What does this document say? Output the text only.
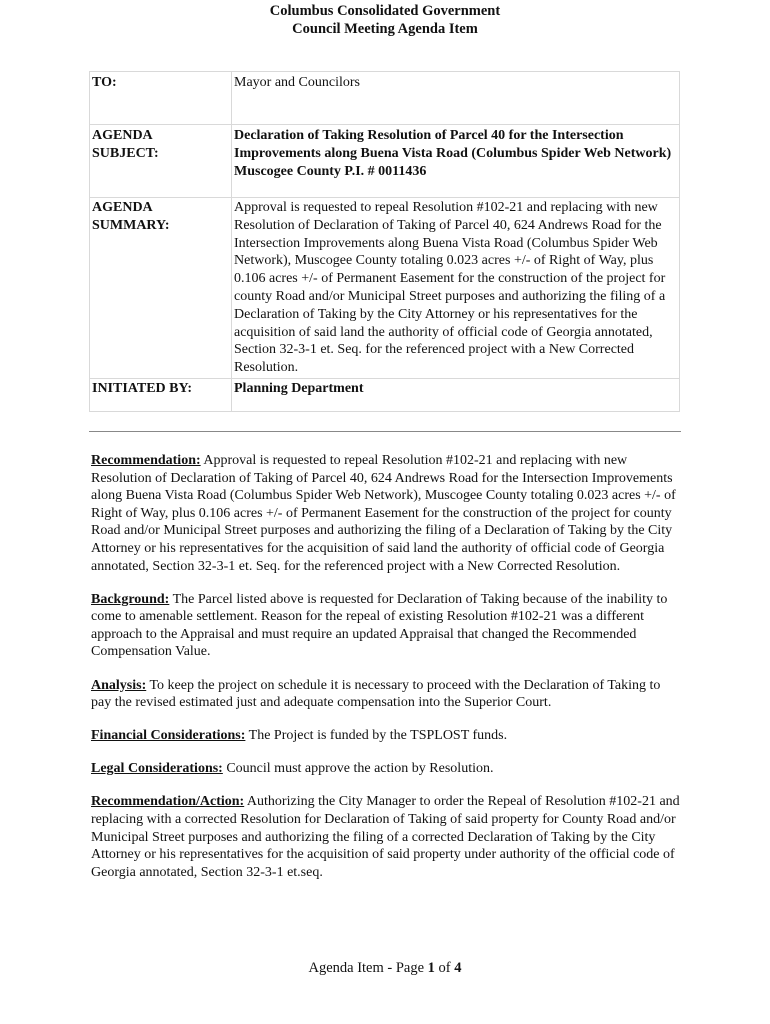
Columbus Consolidated Government
Council Meeting Agenda Item
TO:	Mayor and Councilors

AGENDA
SUBJECT:	Declaration of Taking Resolution of Parcel 40 for the Intersection Improvements along Buena Vista Road (Columbus Spider Web Network) Muscogee County P.I. # 0011436

AGENDA
SUMMARY:	Approval is requested to repeal Resolution #102-21 and replacing with new Resolution of Declaration of Taking of Parcel 40, 624 Andrews Road for the Intersection Improvements along Buena Vista Road (Columbus Spider Web Network), Muscogee County totaling 0.023 acres +/- of Right of Way, plus 0.106 acres +/- of Permanent Easement for the construction of the project for county Road and/or Municipal Street purposes and authorizing the filing of a Declaration of Taking by the City Attorney or his representatives for the acquisition of said land the authority of official code of Georgia annotated, Section 32-3-1 et. Seq. for the referenced project with a New Corrected Resolution.
INITIATED BY:	Planning Department

Recommendation: Approval is requested to repeal Resolution #102-21 and replacing with new Resolution of Declaration of Taking of Parcel 40, 624 Andrews Road for the Intersection Improvements along Buena Vista Road (Columbus Spider Web Network), Muscogee County totaling 0.023 acres +/- of Right of Way, plus 0.106 acres +/- of Permanent Easement for the construction of the project for county Road and/or Municipal Street purposes and authorizing the filing of a Declaration of Taking by the City Attorney or his representatives for the acquisition of said land the authority of official code of Georgia annotated, Section 32-3-1 et. Seq. for the referenced project with a New Corrected Resolution.

Background: The Parcel listed above is requested for Declaration of Taking because of the inability to come to amenable settlement. Reason for the repeal of existing Resolution #102-21 was a different approach to the Appraisal and must require an updated Appraisal that changed the Recommended Compensation Value.

Analysis: To keep the project on schedule it is necessary to proceed with the Declaration of Taking to pay the revised estimated just and adequate compensation into the Superior Court.

Financial Considerations: The Project is funded by the TSPLOST funds.

Legal Considerations: Council must approve the action by Resolution.

Recommendation/Action: Authorizing the City Manager to order the Repeal of Resolution #102-21 and replacing with a corrected Resolution for Declaration of Taking of said property for County Road and/or Municipal Street purposes and authorizing the filing of a corrected Declaration of Taking by the City Attorney or his representatives for the acquisition of said property under authority of the official code of Georgia annotated, Section 32-3-1 et.seq.

Agenda Item - Page 1 of 4
